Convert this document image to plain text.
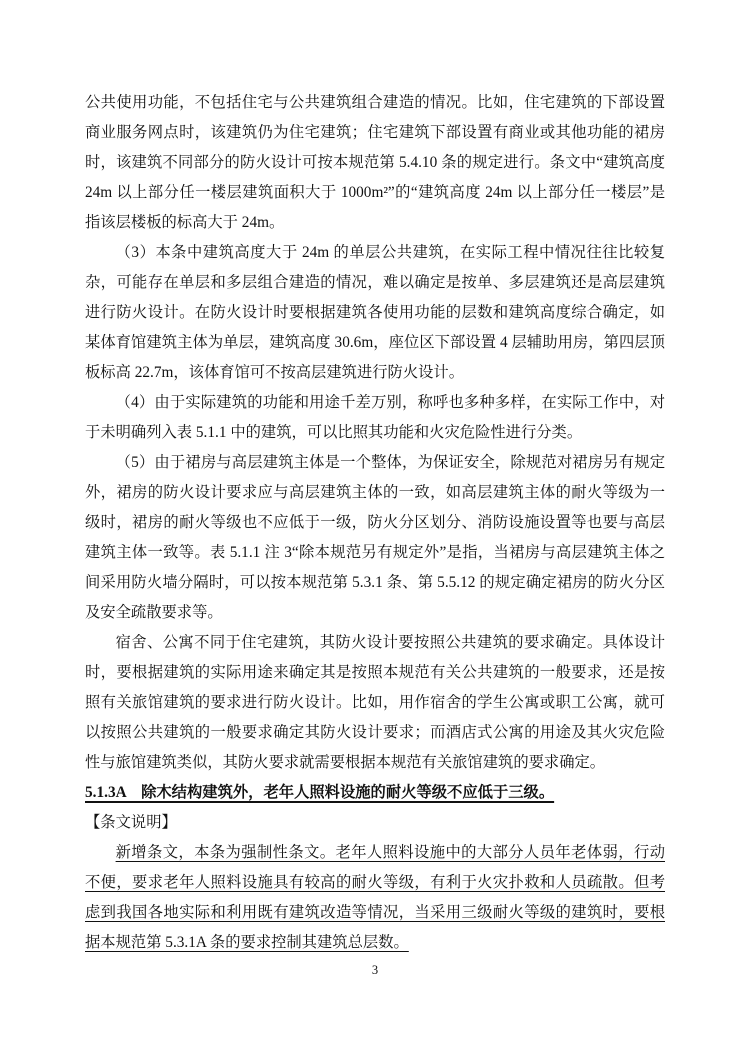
公共使用功能，不包括住宅与公共建筑组合建造的情况。比如，住宅建筑的下部设置商业服务网点时，该建筑仍为住宅建筑；住宅建筑下部设置有商业或其他功能的裙房时，该建筑不同部分的防火设计可按本规范第 5.4.10 条的规定进行。条文中“建筑高度 24m 以上部分任一楼层建筑面积大于 1000m²”的“建筑高度 24m 以上部分任一楼层”是指该层楼板的标高大于 24m。

（3）本条中建筑高度大于 24m 的单层公共建筑，在实际工程中情况往往比较复杂，可能存在单层和多层组合建造的情况，难以确定是按单、多层建筑还是高层建筑进行防火设计。在防火设计时要根据建筑各使用功能的层数和建筑高度综合确定，如某体育馆建筑主体为单层，建筑高度 30.6m，座位区下部设置 4 层辅助用房，第四层顶板标高 22.7m，该体育馆可不按高层建筑进行防火设计。

（4）由于实际建筑的功能和用途千差万别，称呼也多种多样，在实际工作中，对于未明确列入表 5.1.1 中的建筑，可以比照其功能和火灾危险性进行分类。

（5）由于裙房与高层建筑主体是一个整体，为保证安全，除规范对裙房另有规定外，裙房的防火设计要求应与高层建筑主体的一致，如高层建筑主体的耐火等级为一级时，裙房的耐火等级也不应低于一级，防火分区划分、消防设施设置等也要与高层建筑主体一致等。表 5.1.1 注 3“除本规范另有规定外”是指，当裙房与高层建筑主体之间采用防火墙分隔时，可以按本规范第 5.3.1 条、第 5.5.12 的规定确定裙房的防火分区及安全疏散要求等。

宿舍、公寓不同于住宅建筑，其防火设计要按照公共建筑的要求确定。具体设计时，要根据建筑的实际用途来确定其是按照本规范有关公共建筑的一般要求，还是按照有关旅馆建筑的要求进行防火设计。比如，用作宿舍的学生公寓或职工公寓，就可以按照公共建筑的一般要求确定其防火设计要求；而酒店式公寓的用途及其火灾危险性与旅馆建筑类似，其防火要求就需要根据本规范有关旅馆建筑的要求确定。

5.1.3A　除木结构建筑外，老年人照料设施的耐火等级不应低于三级。

【条文说明】

新增条文，本条为强制性条文。老年人照料设施中的大部分人员年老体弱，行动不便，要求老年人照料设施具有较高的耐火等级，有利于火灾扑救和人员疏散。但考虑到我国各地实际和利用既有建筑改造等情况，当采用三级耐火等级的建筑时，要根据本规范第 5.3.1A 条的要求控制其建筑总层数。

3
